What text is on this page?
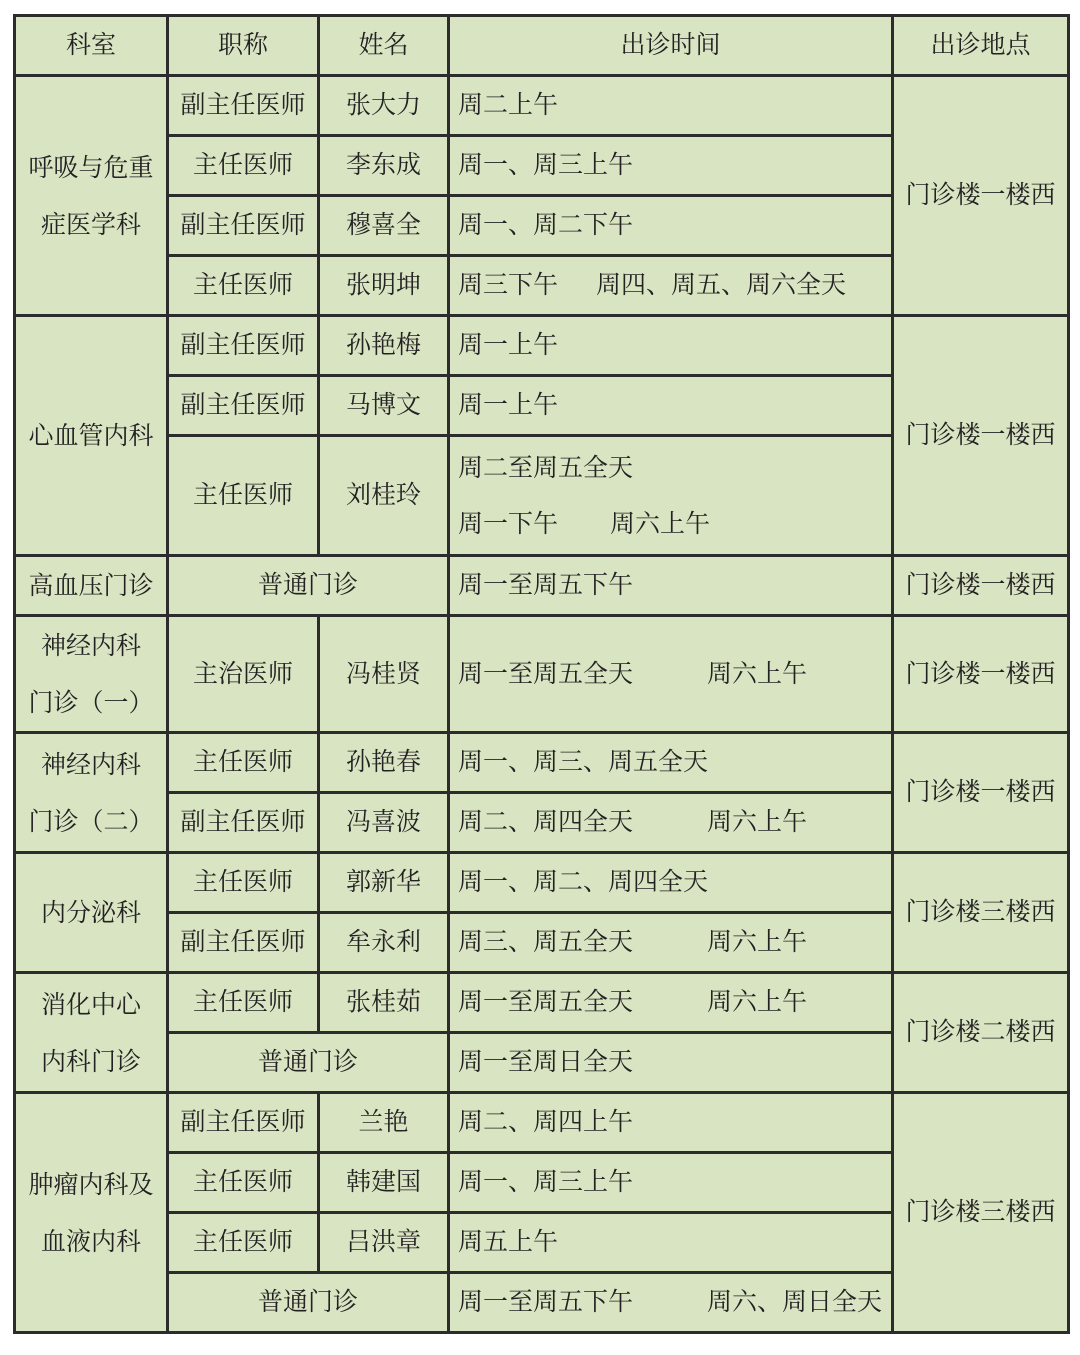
科室	职称	姓名	出诊时间	出诊地点

呼吸与危重
症医学科	副主任医师	张大力	周二上午	门诊楼一楼西
	主任医师	李东成	周一、周三上午	
	副主任医师	穆喜全	周一、周二下午	
	主任医师	张明坤	周三下午 周四、周五、周六全天	

心血管内科	副主任医师	孙艳梅	周一上午	门诊楼一楼西
	副主任医师	马博文	周一上午	
	主任医师	刘桂玲	周二至周五全天
周一下午 周六上午	

高血压门诊	普通门诊		周一至周五下午	门诊楼一楼西

神经内科
门诊（一）	主治医师	冯桂贤	周一至周五全天 周六上午	门诊楼一楼西

神经内科
门诊（二）	主任医师	孙艳春	周一、周三、周五全天	门诊楼一楼西
	副主任医师	冯喜波	周二、周四全天 周六上午	

内分泌科	主任医师	郭新华	周一、周二、周四全天	门诊楼三楼西
	副主任医师	牟永利	周三、周五全天 周六上午	

消化中心
内科门诊	主任医师	张桂茹	周一至周五全天 周六上午	门诊楼二楼西
	普通门诊		周一至周日全天	

肿瘤内科及
血液内科	副主任医师	兰艳	周二、周四上午	门诊楼三楼西
	主任医师	韩建国	周一、周三上午	
	主任医师	吕洪章	周五上午	
	普通门诊		周一至周五下午 周六、周日全天	
